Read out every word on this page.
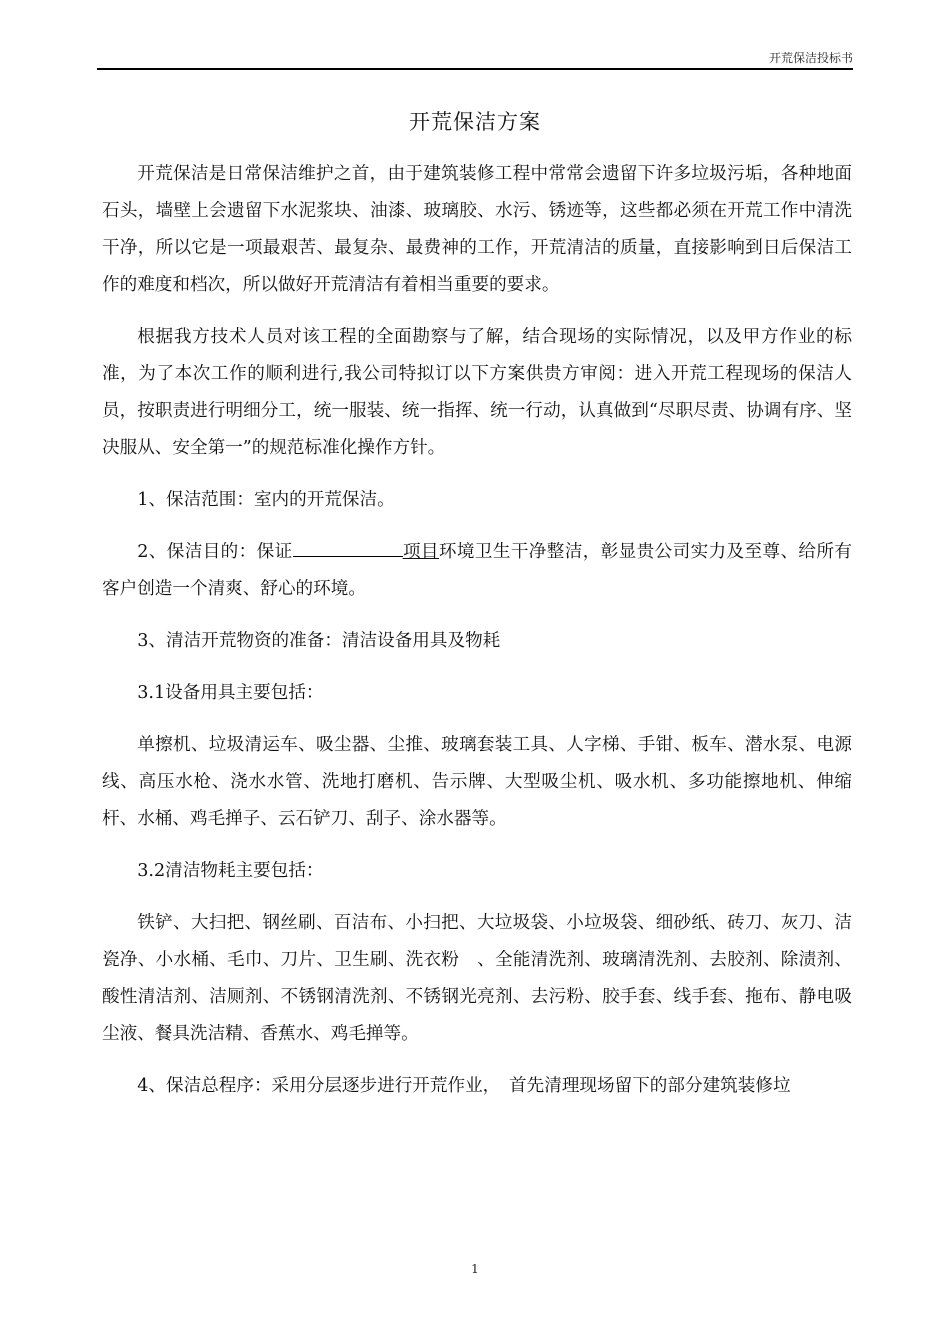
开荒保洁投标书
开荒保洁方案

开荒保洁是日常保洁维护之首，由于建筑装修工程中常常会遗留下许多垃圾污垢，各种地面石头，墙壁上会遗留下水泥浆块、油漆、玻璃胶、水污、锈迹等，这些都必须在开荒工作中清洗干净，所以它是一项最艰苦、最复杂、最费神的工作，开荒清洁的质量，直接影响到日后保洁工作的难度和档次，所以做好开荒清洁有着相当重要的要求。

根据我方技术人员对该工程的全面勘察与了解，结合现场的实际情况，以及甲方作业的标准，为了本次工作的顺利进行,我公司特拟订以下方案供贵方审阅：进入开荒工程现场的保洁人员，按职责进行明细分工，统一服装、统一指挥、统一行动，认真做到“尽职尽责、协调有序、坚决服从、安全第一”的规范标准化操作方针。

1、保洁范围：室内的开荒保洁。

2、保洁目的：保证	项目环境卫生干净整洁，彰显贵公司实力及至尊、给所有客户创造一个清爽、舒心的环境。

3、清洁开荒物资的准备：清洁设备用具及物耗

3.1设备用具主要包括：

单擦机、垃圾清运车、吸尘器、尘推、玻璃套装工具、人字梯、手钳、板车、潜水泵、电源线、高压水枪、浇水水管、洗地打磨机、告示牌、大型吸尘机、吸水机、多功能擦地机、伸缩杆、水桶、鸡毛掸子、云石铲刀、刮子、涂水器等。

3.2清洁物耗主要包括：

铁铲、大扫把、钢丝刷、百洁布、小扫把、大垃圾袋、小垃圾袋、细砂纸、砖刀、灰刀、洁瓷净、小水桶、毛巾、刀片、卫生刷、洗衣粉　、全能清洗剂、玻璃清洗剂、去胶剂、除渍剂、酸性清洁剂、洁厕剂、不锈钢清洗剂、不锈钢光亮剂、去污粉、胶手套、线手套、拖布、静电吸尘液、餐具洗洁精、香蕉水、鸡毛掸等。

4、保洁总程序：采用分层逐步进行开荒作业，　首先清理现场留下的部分建筑装修垃

1
